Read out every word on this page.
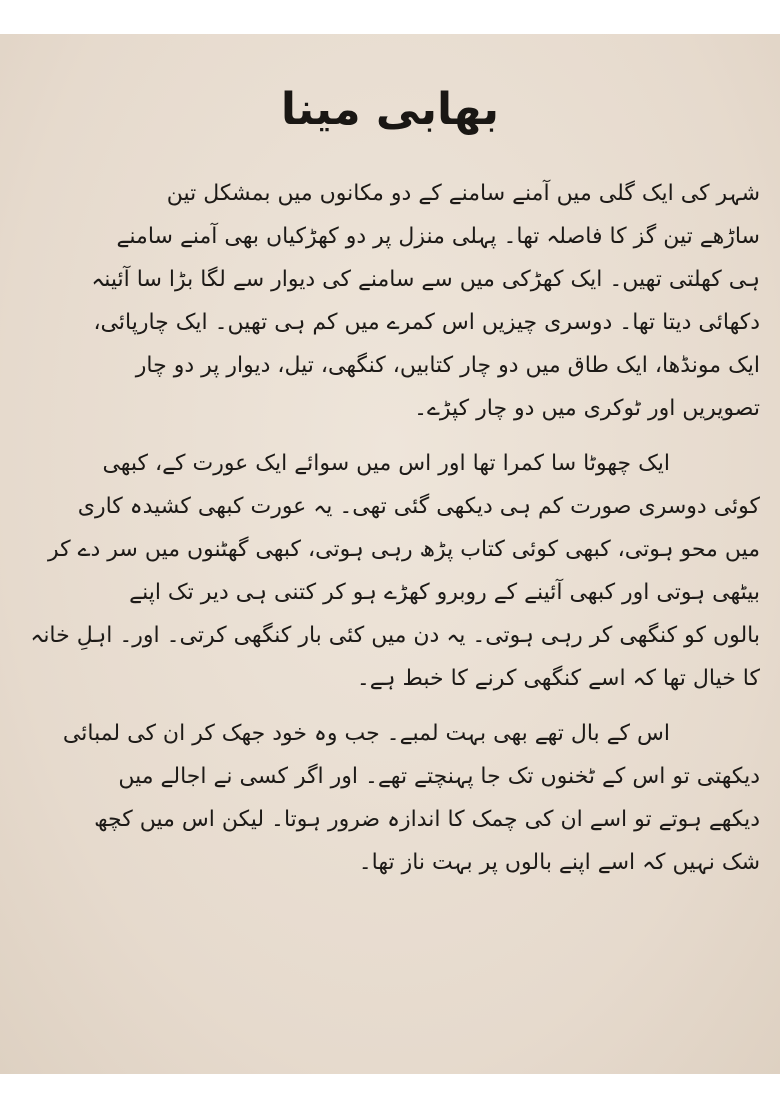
بھابی مینا
شہر کی ایک گلی میں آمنے سامنے کے دو مکانوں میں بمشکل تین
ساڑھے تین گز کا فاصلہ تھا۔ پہلی منزل پر دو کھڑکیاں بھی آمنے سامنے
ہی کھلتی تھیں۔ ایک کھڑکی میں سے سامنے کی دیوار سے لگا بڑا سا آئینہ
دکھائی دیتا تھا۔ دوسری چیزیں اس کمرے میں کم ہی تھیں۔ ایک چارپائی،
ایک مونڈھا، ایک طاق میں دو چار کتابیں، کنگھی، تیل، دیوار پر دو چار
تصویریں اور ٹوکری میں دو چار کپڑے۔
ایک چھوٹا سا کمرا تھا اور اس میں سوائے ایک عورت کے، کبھی
کوئی دوسری صورت کم ہی دیکھی گئی تھی۔ یہ عورت کبھی کشیدہ کاری
میں محو ہوتی، کبھی کوئی کتاب پڑھ رہی ہوتی، کبھی گھٹنوں میں سر دے کر
بیٹھی ہوتی اور کبھی آئینے کے روبرو کھڑے ہو کر کتنی ہی دیر تک اپنے
بالوں کو کنگھی کر رہی ہوتی۔ یہ دن میں کئی بار کنگھی کرتی۔ اور۔ اہلِ خانہ
کا خیال تھا کہ اسے کنگھی کرنے کا خبط ہے۔
اس کے بال تھے بھی بہت لمبے۔ جب وہ خود جھک کر ان کی لمبائی
دیکھتی تو اس کے ٹخنوں تک جا پہنچتے تھے۔ اور اگر کسی نے اجالے میں
دیکھے ہوتے تو اسے ان کی چمک کا اندازہ ضرور ہوتا۔ لیکن اس میں کچھ
شک نہیں کہ اسے اپنے بالوں پر بہت ناز تھا۔
